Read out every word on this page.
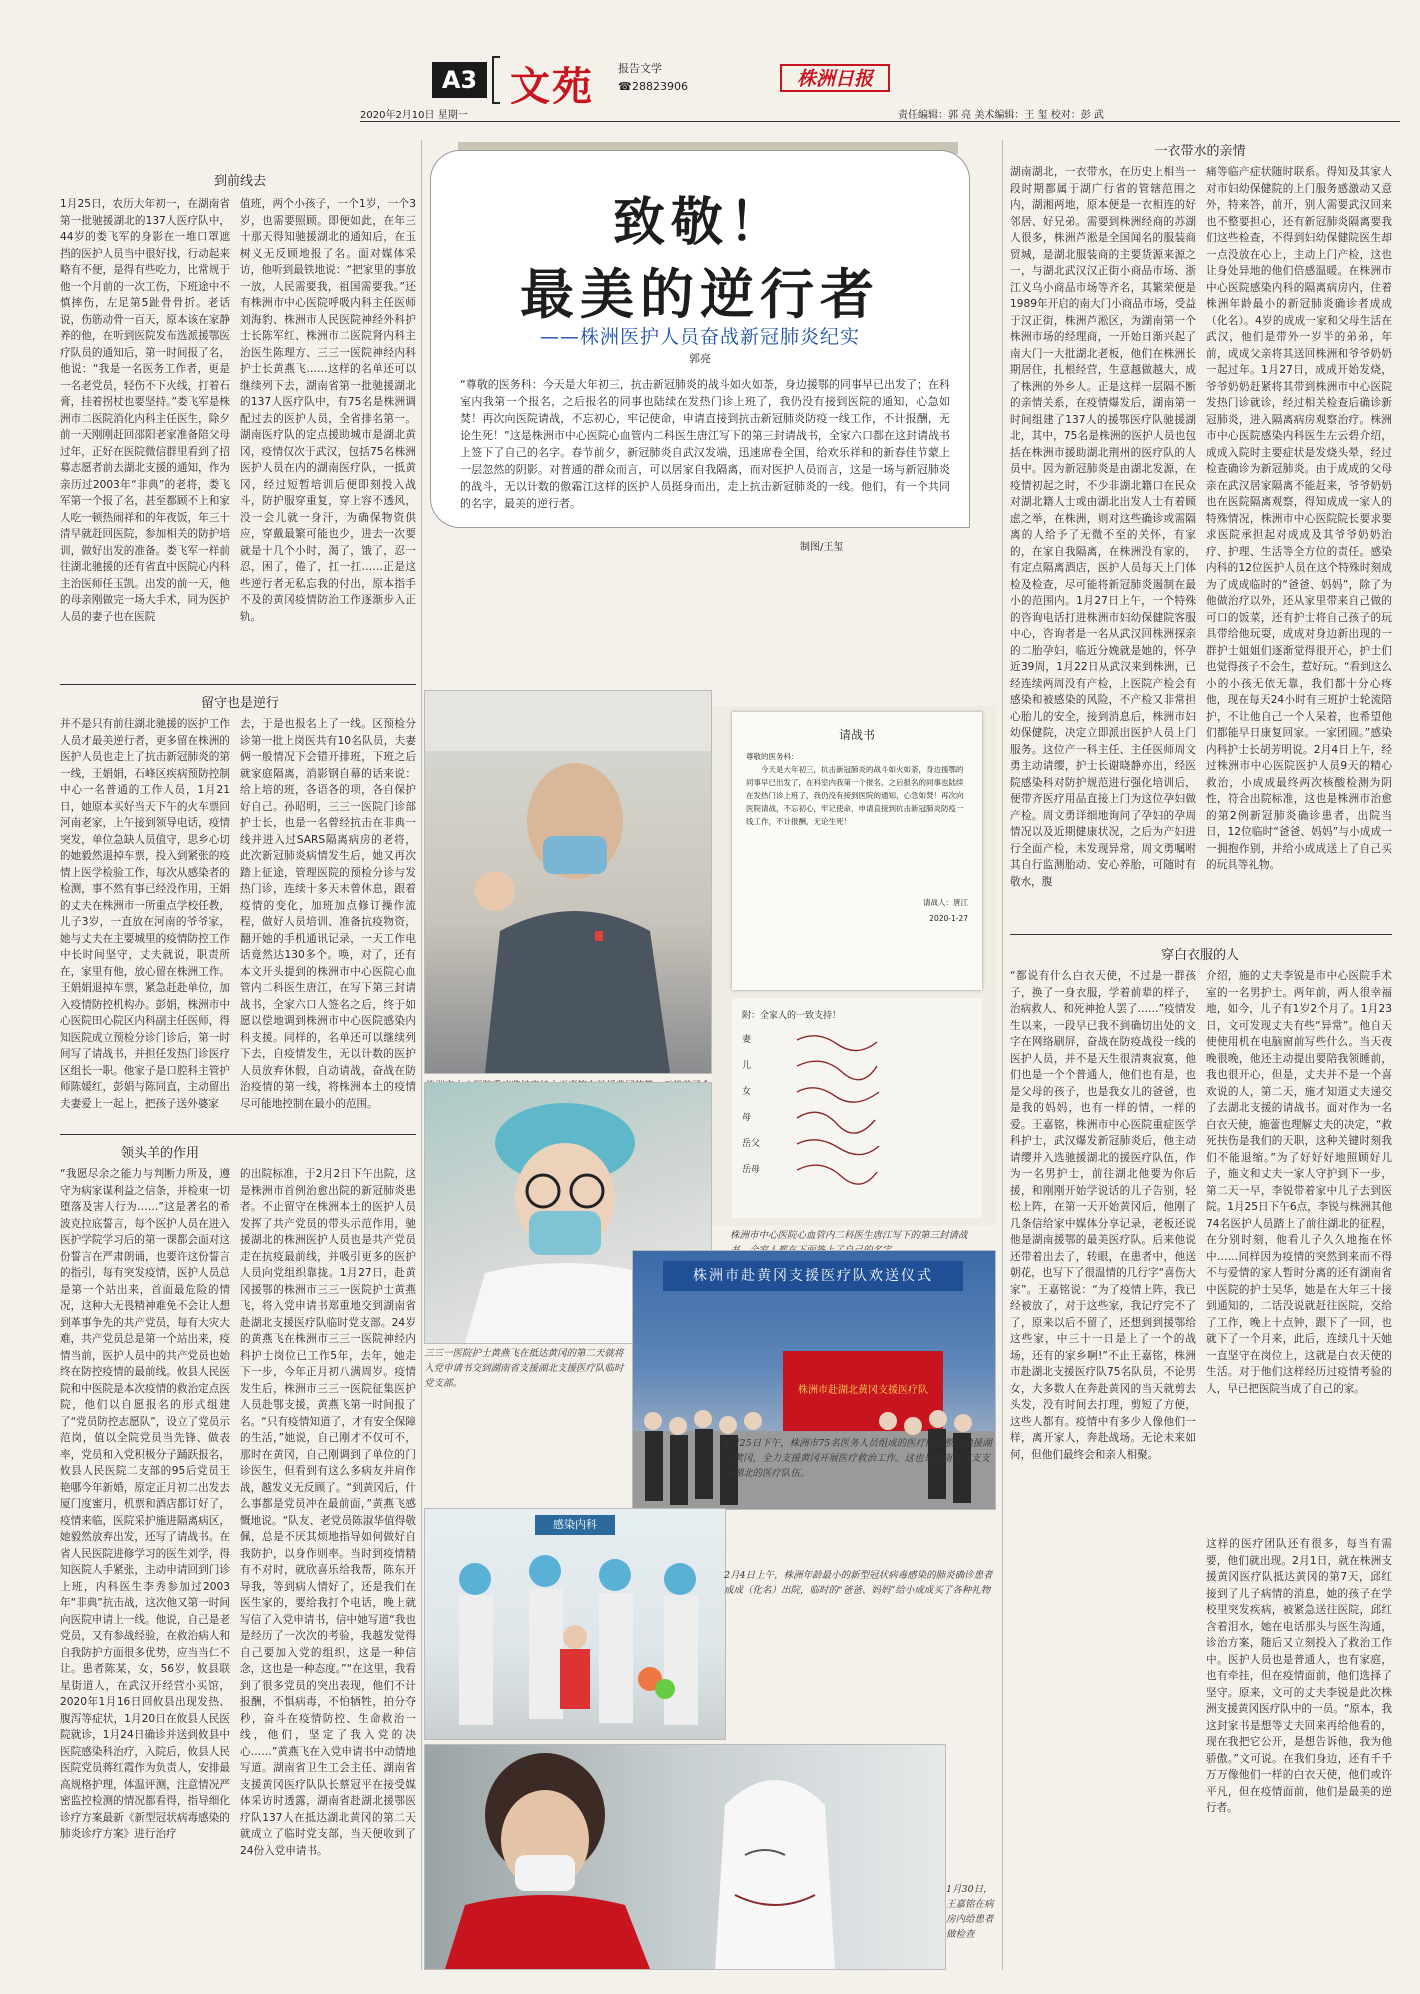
A3 文苑 报告文学
☎ 28823906	株洲日报
2020年2月10日 星期一	责任编辑：郭 亮 美术编辑：王 玺 校对：彭 武
到前线去
1月25日，农历大年初一，在湖南省第一批驰援湖北的137人医疗队中，44岁的娄飞军的身影在一堆口罩遮挡的医护人员当中很好找，行动起来略有不便，是得有些吃力，比常规于他一个月前的一次工伤，下班途中不慎摔伤，左足第5趾骨骨折。老话说，伤筋动骨一百天，原本该在家静养的他，在听到医院发布选派援鄂医疗队员的通知后，第一时间报了名，他说：“我是一名医务工作者，更是一名老党员，轻伤不下火线，打着石膏，挂着拐杖也要坚持。”娄飞军是株洲市二医院消化内科主任医生，除夕前一天刚刚赶回邵阳老家准备陪父母过年，正好在医院微信群里看到了招募志愿者前去湖北支援的通知，作为亲历过2003年“非典”的老将，娄飞军第一个报了名，甚至都顾不上和家人吃一顿热闹祥和的年夜饭，年三十清早就赶回医院，参加相关的防护培训，做好出发的准备。娄飞军一样前往湖北驰援的还有省直中医院心内科主治医师任玉凯。出发的前一天，他的母亲刚做完一场大手术，同为医护人员的妻子也在医院
值班，两个小孩子，一个1岁，一个3岁，也需要照顾。即便如此，在年三十那天得知驰援湖北的通知后，在玉树义无反顾地报了名。面对媒体采访，他听到最铁地说：“把家里的事放一放，人民需要我，祖国需要我。”还有株洲市中心医院呼吸内科主任医师刘海豹、株洲市人民医院神经外科护士长陈军红、株洲市二医院肾内科主治医生陈理方、三三一医院神经内科护士长黄燕飞……这样的名单还可以继续列下去，湖南省第一批驰援湖北的137人医疗队中，有75名是株洲调配过去的医护人员，全省排名第一。湖南医疗队的定点援助城市是湖北黄冈，疫情仅次于武汉，包括75名株洲医护人员在内的湖南医疗队，一抵黄冈，经过短暂培训后便即刻投入战斗，防护服穿重复，穿上容不透风，没一会儿就一身汗，为确保物资供应，穿戴最繁可能也少，进去一次要就是十几个小时，渴了，饿了，忍一忍，困了，倦了，扛一扛……正是这些逆行者无私忘我的付出，原本指手不及的黄冈疫情防治工作逐渐步入正轨。
致敬！
最美的逆行者
——株洲医护人员奋战新冠肺炎纪实
郭亮
“尊敬的医务科：今天是大年初三，抗击新冠肺炎的战斗如火如荼，身边援鄂的同事早已出发了；在科室内我第一个报名，之后报名的同事也陆续在发热门诊上班了，我仍没有接到医院的通知，心急如焚！再次向医院请战，不忘初心，牢记使命，申请直接到抗击新冠肺炎防疫一线工作，不计报酬，无论生死！”这是株洲市中心医院心血管内二科医生唐江写下的第三封请战书，全家六口都在这封请战书上签下了自己的名字。春节前夕，新冠肺炎自武汉发端，迅速席卷全国，给欢乐祥和的新春佳节蒙上一层忽然的阴影。对普通的群众而言，可以居家自我隔离，而对医护人员而言，这是一场与新冠肺炎的战斗，无以计数的傲霜江这样的医护人员挺身而出，走上抗击新冠肺炎的一线。他们，有一个共同的名字，最美的逆行者。
制图/王玺
留守也是逆行
并不是只有前往湖北驰援的医护工作人员才最美逆行者，更多留在株洲的医护人员也走上了抗击新冠肺炎的第一线，王娟娟，石峰区疾病预防控制中心一名普通的工作人员，1月21日，她原本买好当天下午的火车票回河南老家，上午接到领导电话，疫情突发，单位急缺人员值守，思乡心切的她毅然退掉车票，投入到紧张的疫情上医学检验工作，每次从感染者的检测，事不然有事已经没作用，王娟的丈夫在株洲市一所重点学校任教，儿子3岁，一直放在河南的爷爷家，她与丈夫在主要城里的疫情防控工作中长时间坚守，丈夫就说，职责所在，家里有他，放心留在株洲工作。王娟娟退掉车票，紧急赶赴单位，加入疫情防控机构办。彭娟，株洲市中心医院田心院区内科副主任医师，得知医院成立预检分诊门诊后，第一时间写了请战书，并担任发热门诊医疗区组长一职。他家子是口腔科主管护师陈媛红，彭娟与陈同直，主动留出夫妻爱上一起上，把孩子送外婆家
去，于是也报名上了一线。区预检分诊第一批上岗医共有10名队员，夫妻俩一般情况下会错开排班，下班之后就家庭隔离，消影钢自幕的话来说：给上培的班，各语各的项，各自保护好自己。孙昭明，三三一医院门诊部护士长，也是一名曾经抗击在非典一线并进入过SARS隔离病房的老将，此次新冠肺炎病情发生后，她又再次踏上征途，管理医院的预检分诊与发热门诊，连续十多天未曾休息，跟着疫情的变化，加班加点修订操作流程，做好人员培训、准备抗疫物资，翻开她的手机通讯记录，一天工作电话竟然达130多个。唤，对了，还有本文开头提到的株洲市中心医院心血管内二科医生唐江，在写下第三封请战书，全家六口人签名之后，终于如愿以偿地调到株洲市中心医院感染内科支援。同样的，名单还可以继续列下去，自疫情发生，无以计数的医护人员放弃休假，自动请战，奋战在防治疫情的第一线，将株洲本土的疫情尽可能地控制在最小的范围。
领头羊的作用
“我愿尽余之能力与判断力所及，遵守为病家谋利益之信条，并检束一切堕落及害人行为……”这是著名的希波克拉底誓言，每个医护人员在进入医护学院学习后的第一课都会面对这份誓言在严肃朗诵，也要许这份誓言的指引，每有突发疫情，医护人员总是第一个站出来，首面最危险的情况，这种大无畏精神难免不会让人想到革事争先的共产党员，每有大灾大难，共产党员总是第一个站出来，疫情当前，医护人员中的共产党员也始终在防控疫情的最前线。攸县人民医院和中医院是本次疫情的救治定点医院，他们以自愿报名的形式组建了“党员防控志愿队”，设立了党员示范岗，值以全院党员当先锋、做表率，党员和入党积极分子踊跃报名，攸县人民医院二支部的95后党员王艳哪今年新婚，原定正月初二出发去厦门度蜜月，机票和酒店都订好了，疫情来临，医院采护施进隔离病区，她毅然放弃出发，还写了请战书。在省人民医院进修学习的医生刘学，得知医院人手紧张，主动申请回到门诊上班，内科医生李秀参加过2003年“非典”抗击战，这次他又第一时间向医院申请上一线。他说，自己是老党员，又有参战经验，在救治病人和自我防护方面很多优势，应当当仁不让。患者陈某，女，56岁，攸县联星街道人，在武汉开经营小买馆，2020年1月16日回攸县出现发热、腹泻等症状，1月20日在攸县人民医院就诊，1月24日确诊并送到攸县中医院感染科治疗，入院后，攸县人民医院党员蒋红霞作为负责人，安排最高规格护理，体温评测，注意情况严密监控检测的情况都看得，指导细化诊疗方案最新《新型冠状病毒感染的肺炎诊疗方案》进行治疗
的出院标准，于2月2日下午出院，这是株洲市首例治愈出院的新冠肺炎患者。不止留守在株洲本土的医护人员发挥了共产党员的带头示范作用，驰援湖北的株洲医护人员也是共产党员走在抗疫最前线，并吸引更多的医护人员向党组织靠拢。1月27日，赴黄冈援鄂的株洲市三三一医院护士黄燕飞，将入党申请书郑重地交到湖南省赴湖北支援医疗队临时党支部。24岁的黄燕飞在株洲市三三一医院神经内科护士岗位已工作5年，去年，她走下一步，今年正月初八满周岁。疫情发生后，株洲市三三一医院征集医护人员赴鄂支援，黄燕飞第一时间报了名。“只有疫情知道了，才有安全保障的生活，”她说，自己刚才不仅可不，那时在黄冈，自己刚调到了单位的门诊医生，但看到有这么多病友并肩作战，越发义无反顾了。“到黄冈后，什么事都是党员冲在最前面，”黄燕飞感慨地说。“队友、老党员陈淑华值得敬佩，总是不厌其烦地指导如何做好自我防护，以身作则率。当时到疫情精有不对时，就欣喜乐给我帮，陈东开导我，等到病人情好了，还是我们在医生家的，要给我打个电话，晚上就写信了入党申请书，信中她写道“我也是经历了一次次的考验，我越发觉得自己要加入党的组织，这是一种信念，这也是一种态度。”“在这里，我看到了很多党员的突出表现，他们不计报酬，不惧病毒，不怕牺牲，拍分夺秒，奋斗在疫情防控、生命救治一线，他们，坚定了我入党的决心……”黄燕飞在入党申请书中动情地写道。湖南省卫生工会主任、湖南省支援黄冈医疗队队长蔡冠平在接受媒体采访时透露，湖南省赴湖北援鄂医疗队137人在抵达湖北黄冈的第二天就成立了临时党支部，当天便收到了24份入党申请书。
请战书
尊敬的医务科：
今天是大年初三，抗击新冠肺炎的战斗如火如荼，身边援鄂的同事早已出发了，在科室内我第一个报名，之后报名的同事也陆续在发热门诊上班了，我仍没有接到医院的通知，心急如焚！再次向医院请战，不忘初心，牢记使命，申请直接到抗击新冠肺炎防疫一线工作，不计报酬，无论生死！
请战人：唐江
2020-1-27
附：全家人的一致支持！
妻
儿
女
母
岳父
岳母
株洲市中心医院心血管内二科医生唐江写下的第三封请战
三三一医院护士黄燕飞在抵达黄冈的第二天就将入党申请书交到湖南省支援湖北支援医疗队临时党支部。
株洲市赴黄冈支援医疗队欢送仪式
株洲市赴湖北黄冈支援医疗队
感染内科
1月25日下午，株洲市75名医务人员组成的医疗队已整装驰援湖北黄冈，全力支援黄冈开展医疗救治工作。这也是湖南省首支支援湖北的医疗队伍。
2月4日上午，株洲年龄最小的新型冠状病毒感染的肺炎确诊患者成成（化名）出院，临时的“爸爸、妈妈”给小成成买了各种礼物
1月30日，王嘉铭在病房内给患者做检查
一衣带水的亲情
湖南湖北，一衣带水，在历史上相当一段时期都属于湖广行省的管辖范围之内，湖湘两地，原本便是一衣相连的好邻居、好兄弟。需要到株洲经商的苏湖人很多，株洲芦淞是全国闻名的服装商贸城，是湖北服装商的主要货源来源之一，与湖北武汉汉正街小商品市场、浙江义乌小商品市场等齐名，其繁荣便是1989年开启的南大门小商品市场，受益于汉正街，株洲芦淞区，为湖南第一个株洲市场的经理商，一开始日渐兴起了南大门一大批湖北老板，他们在株洲长期居住，扎根经营，生意越做越大，成了株洲的外乡人。正是这样一层隔不断的亲情关系，在疫情爆发后，湖南第一时间组建了137人的援鄂医疗队驰援湖北，其中，75名是株洲的医护人员也包括在株洲市援助湖北荆州的医疗队的人员中。因为新冠肺炎是由湖北发源，在疫情初起之时，不少非湖北籍口在民众对湖北籍人士或由湖北出发人士有着顾虑之举，在株洲，则对这些确诊或需隔离的人给予了无微不至的关怀，有家的，在家自我隔离，在株洲没有家的，有定点隔离酒店，医护人员每天上门体检及检查，尽可能将新冠肺炎遏制在最小的范围内。1月27日上午，一个特殊的咨询电话打进株洲市妇幼保健院客服中心，咨询者是一名从武汉回株洲探亲的二胎孕妇，临近分娩就是她的，怀孕近39周，1月22日从武汉来到株洲，已经连续两周没有产检，上医院产检会有感染和被感染的风险，不产检又非常担心胎儿的安全，接到消息后，株洲市妇幼保健院，决定立即派出医护人员上门服务。这位产一科主任、主任医师周文勇主动请缨，护士长谢晓静亦出，经医院感染科对防护规范进行强化培训后，便带齐医疗用品直接上门为这位孕妇做产检。周文勇详细地询问了孕妇的孕周情况以及近期健康状况，之后为产妇进行全面产检，未发现异常，周文勇嘱咐其自行监测胎动、安心养胎，可随时有敬水，腹
痛等临产症状随时联系。得知及其家人对市妇幼保健院的上门服务感激动又意外，特来答，前开，别人需要武汉回来也不整要担心，还有新冠肺炎隔离要我们这些检查，不得到妇幼保健院医生却一点没放在心上，主动上门产检，这也让身处异地的他们倍感温暖。在株洲市中心医院感染内科的隔离病房内，住着株洲年龄最小的新冠肺炎确诊者成成（化名）。4岁的成成一家和父母生活在武汉，他们是带外一岁半的弟弟，年前，成成父亲将其送回株洲和爷爷奶奶一起过年。1月27日，成成开始发烧，爷爷奶奶赶紧将其带到株洲市中心医院发热门诊就诊，经过相关检查后确诊新冠肺炎，进入隔离病房观察治疗。株洲市中心医院感染内科医生左云碧介绍，成成入院时主要症状是发烧头晕，经过检查确诊为新冠肺炎。由于成成的父母亲在武汉居家隔离不能赶来，爷爷奶奶也在医院隔离观察，得知成成一家人的特殊情况，株洲市中心医院院长要求要求医院承担起对成成及其爷爷奶奶治疗、护理、生活等全方位的责任。感染内科的12位医护人员在这个特殊时刻成为了成成临时的“爸爸、妈妈”，除了为他做治疗以外，还从家里带来自己做的可口的饭菜，还有护士将自己孩子的玩具带给他玩耍，成成对身边新出现的一群护士姐姐们逐渐觉得很开心，护士们也觉得孩子不会生，惹好玩。“看到这么小的小孩无依无靠，我们都十分心疼他，现在每天24小时有三班护士轮流陪护，不让他自己一个人呆着，也希望他们都能早日康复回家。一家团圆。”感染内科护士长胡芳明说。2月4日上午，经过株洲市中心医院医护人员9天的精心救治，小成成最终两次核酸检测为阴性，符合出院标准，这也是株洲市治愈的第2例新冠肺炎确诊患者，出院当日，12位临时“爸爸、妈妈”与小成成一一拥抱作别，并给小成成送上了自己买的玩具等礼物。
穿白衣服的人
“都说有什么白衣天使，不过是一群孩子，换了一身衣服，学着前辈的样子，治病救人、和死神抢人罢了……”疫情发生以来，一段早已我不到确切出处的文字在网络刷屏，奋战在防疫战役一线的医护人员，并不是天生很清爽寂寞，他们也是一个个普通人，他们也有是，也是父母的孩子，也是我女儿的爸爸，也是我的妈妈，也有一样的情，一样的爱。王嘉铭，株洲市中心医院重症医学科护士，武汉爆发新冠肺炎后，他主动请缨并入选驰援湖北的援医疗队伍，作为一名男护士，前往湖北他要为你后援，和刚刚开始学说话的儿子告别，轻松上阵，在第一天开始黄冈后，他刚了几条信给家中媒体分享记录，老板还说他是湖南援鄂的最美医疗队。后来他说还带着出去了，转眼，在患者中，他送朝花，也写下了很温情的几行字“喜伤大家”。王嘉铭说：“为了疫情上阵，我已经被放了，对于这些家，我记疗完不了了，原来以后不留了，还想到到援鄂给这些家，中三十一日是上了一个的战场，还有的家乡啊!”不止王嘉铭，株洲市赴湖北支援医疗队75名队员，不论男女，大多数人在奔赴黄冈的当天就剪去头发，没有时间去打理，剪短了方便，这些人都有。疫情中有多少人像他们一样，离开家人，奔赴战场。无论未来如何，但他们最终会和亲人相聚。
介绍，施的丈夫李锐是市中心医院手术室的一名男护士。两年前，两人很幸福地，如今，儿子有1岁2个月了。1月23日，文可发现丈夫有些“异常”。他自天使使用机在电脑窗前写些什么。当天夜晚很晚，他还主动提出要陪我领睡前，我也很开心，但是，丈夫并不是一个喜欢说的人，第二天，施才知道丈夫递交了去湖北支援的请战书。面对作为一名白衣天使，施蕾也理解丈夫的决定，“救死扶伤是我们的天职，这种关键时刻我们不能退缩。”为了好好好地照顾好儿子，施文和丈夫一家人守护到下一步，第二天一早，李锐带着家中儿子去到医院。1月25日下午6点，李锐与株洲其他74名医护人员踏上了前往湖北的征程，在分别时刻，他看儿子久久地拖在怀中……同样因为疫情的突然到来而不得不与爱情的家人暂时分离的还有湖南省中医院的护士吴华，她是在大年三十接到通知的，二话没说就赶往医院，交给了工作，晚上十点钟，跟下了一回，也就下了一个月来，此后，连续几十天她一直坚守在岗位上，这就是白衣天使的生活。对于他们这样经历过疫情考验的人，早已把医院当成了自己的家。
这样的医疗团队还有很多，每当有需要，他们就出现。2月1日，就在株洲支援黄冈医疗队抵达黄冈的第7天，邱红接到了儿子病情的消息，她的孩子在学校里突发疾病，被紧急送往医院，邱红含着泪水，她在电话那头与医生沟通，诊治方案，随后又立刻投入了救治工作中。医护人员也是普通人，也有家庭，也有牵挂，但在疫情面前，他们选择了坚守。原来，文可的丈夫李锐是此次株洲支援黄冈医疗队中的一员。“原本，我这封家书是想等丈夫回来再给他看的，现在我把它公开，是想告诉他，我为他骄傲。”文可说。在我们身边，还有千千万万像他们一样的白衣天使，他们或许平凡，但在疫情面前，他们是最美的逆行者。
